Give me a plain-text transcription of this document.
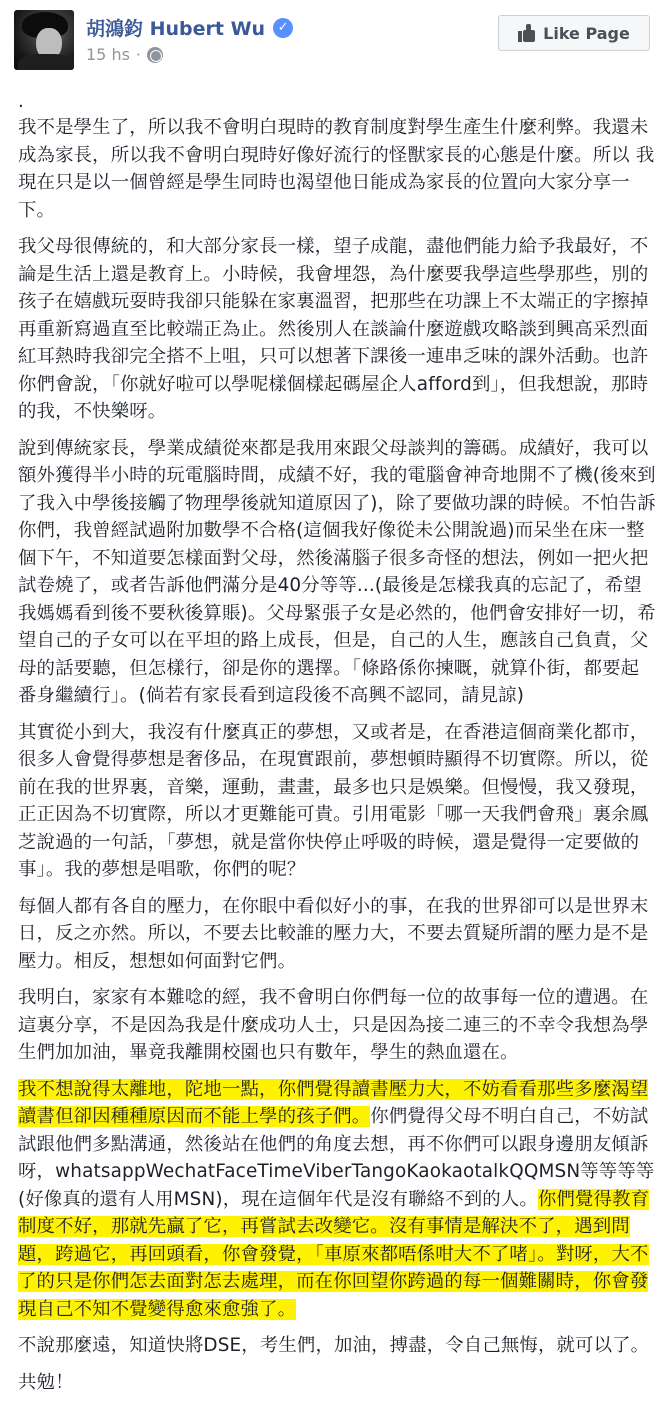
胡鴻鈞 Hubert Wu ✓
15 hs ·
Like Page
.

我不是學生了，所以我不會明白現時的教育制度對學生產生什麼利弊。我還未成為家長，所以我不會明白現時好像好流行的怪獸家長的心態是什麼。所以 我現在只是以一個曾經是學生同時也渴望他日能成為家長的位置向大家分享一下。

我父母很傳統的，和大部分家長一樣，望子成龍，盡他們能力給予我最好，不論是生活上還是教育上。小時候，我會埋怨，為什麼要我學這些學那些，別的孩子在嬉戲玩耍時我卻只能躲在家裏溫習，把那些在功課上不太端正的字擦掉再重新寫過直至比較端正為止。然後別人在談論什麼遊戲攻略談到興高采烈面紅耳熱時我卻完全搭不上咀，只可以想著下課後一連串乏味的課外活動。也許你們會說，「你就好啦可以學呢樣個樣起碼屋企人afford到」，但我想說，那時的我，不快樂呀。

說到傳統家長，學業成績從來都是我用來跟父母談判的籌碼。成績好，我可以額外獲得半小時的玩電腦時間，成績不好，我的電腦會神奇地開不了機(後來到了我入中學後接觸了物理學後就知道原因了)，除了要做功課的時候。不怕告訴你們，我曾經試過附加數學不合格(這個我好像從未公開說過)而呆坐在床一整個下午，不知道要怎樣面對父母，然後滿腦子很多奇怪的想法，例如一把火把試卷燒了，或者告訴他們滿分是40分等等...(最後是怎樣我真的忘記了，希望我媽媽看到後不要秋後算賬)。父母緊張子女是必然的，他們會安排好一切，希望自己的子女可以在平坦的路上成長，但是，自己的人生，應該自己負責，父母的話要聽，但怎樣行，卻是你的選擇。「條路係你揀嘅，就算仆街，都要起番身繼續行」。(倘若有家長看到這段後不高興不認同，請見諒)

其實從小到大，我沒有什麼真正的夢想，又或者是，在香港這個商業化都市，很多人會覺得夢想是奢侈品，在現實跟前，夢想頓時顯得不切實際。所以，從前在我的世界裏，音樂，運動，畫畫，最多也只是娛樂。但慢慢，我又發現，正正因為不切實際，所以才更難能可貴。引用電影「哪一天我們會飛」裏余鳳芝說過的一句話，「夢想，就是當你快停止呼吸的時候，還是覺得一定要做的事」。我的夢想是唱歌，你們的呢？

每個人都有各自的壓力，在你眼中看似好小的事，在我的世界卻可以是世界末日，反之亦然。所以，不要去比較誰的壓力大，不要去質疑所謂的壓力是不是壓力。相反，想想如何面對它們。

我明白，家家有本難唸的經，我不會明白你們每一位的故事每一位的遭遇。在這裏分享，不是因為我是什麼成功人士，只是因為接二連三的不幸令我想為學生們加加油，畢竟我離開校園也只有數年，學生的熱血還在。

我不想說得太離地，陀地一點，你們覺得讀書壓力大，不妨看看那些多麼渴望讀書但卻因種種原因而不能上學的孩子們。你們覺得父母不明白自己，不妨試試跟他們多點溝通，然後站在他們的角度去想，再不你們可以跟身邊朋友傾訴呀，whatsappWechatFaceTimeViberTangoKaokaotalkQQMSN等等等等(好像真的還有人用MSN)，現在這個年代是沒有聯絡不到的人。你們覺得教育制度不好，那就先贏了它，再嘗試去改變它。沒有事情是解決不了，遇到問題，跨過它，再回頭看，你會發覺，「車原來都唔係咁大不了啫」。對呀，大不了的只是你們怎去面對怎去處理，而在你回望你跨過的每一個難關時，你會發現自己不知不覺變得愈來愈強了。

不說那麼遠，知道快將DSE，考生們，加油，搏盡，令自己無悔，就可以了。

共勉！
